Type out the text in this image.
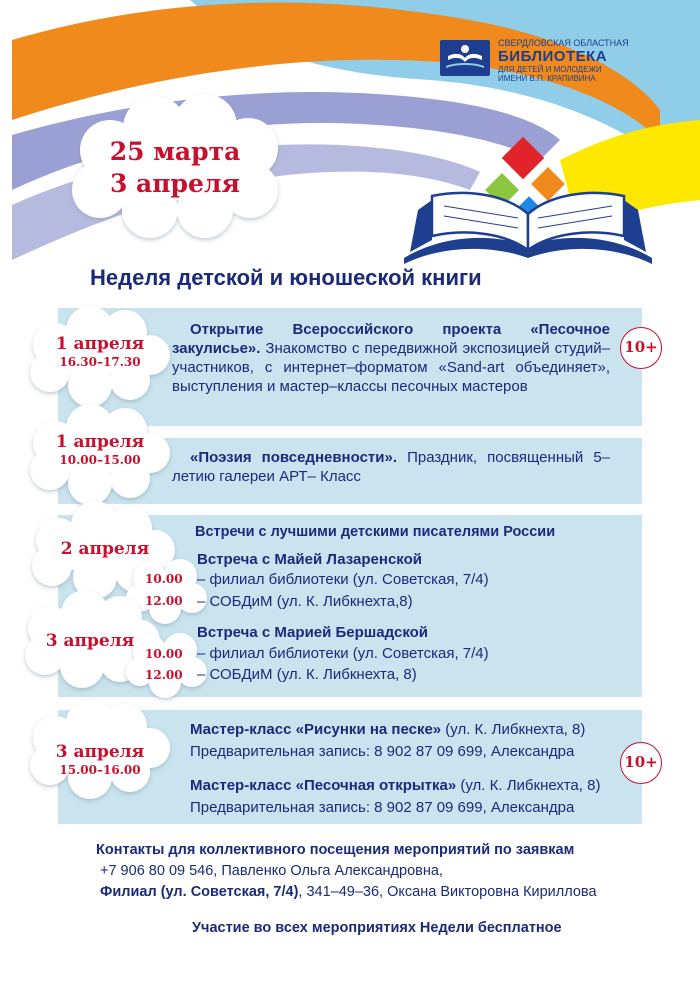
СВЕРДЛОВСКАЯ ОБЛАСТНАЯ
БИБЛИОТЕКА
ДЛЯ ДЕТЕЙ И МОЛОДЕЖИ
ИМЕНИ В.П. КРАПИВИНА
25 марта
3 апреля
Неделя детской и юношеской книги
1 апреля
16.30–17.30
Открытие Всероссийского проекта «Песочное закулисье». Знакомство с передвижной экспозицией студий–участников, с интернет–форматом «Sand-art объединяет», выступления и мастер–классы песочных мастеров
10+
1 апреля
10.00–15.00	«Поэзия повседневности». Праздник, посвященный 5–летию галереи АРТ– Класс
Встречи с лучшими детскими писателями России
2 апреля
Встреча с Майей Лазаренской
10.00 – филиал библиотеки (ул. Советская, 7/4)
12.00 – СОБДиМ (ул. К. Либкнехта,8)
3 апреля	Встреча с Марией Бершадской
10.00 – филиал библиотеки (ул. Советская, 7/4)
12.00 – СОБДиМ (ул. К. Либкнехта, 8)
3 апреля
15.00–16.00
Мастер-класс «Рисунки на песке» (ул. К. Либкнехта, 8)
Предварительная запись: 8 902 87 09 699, Александра
Мастер-класс «Песочная открытка» (ул. К. Либкнехта, 8)
Предварительная запись: 8 902 87 09 699, Александра
10+
Контакты для коллективного посещения мероприятий по заявкам
+7 906 80 09 546, Павленко Ольга Александровна,
Филиал (ул. Советская, 7/4), 341–49–36, Оксана Викторовна Кириллова
Участие во всех мероприятиях Недели бесплатное
